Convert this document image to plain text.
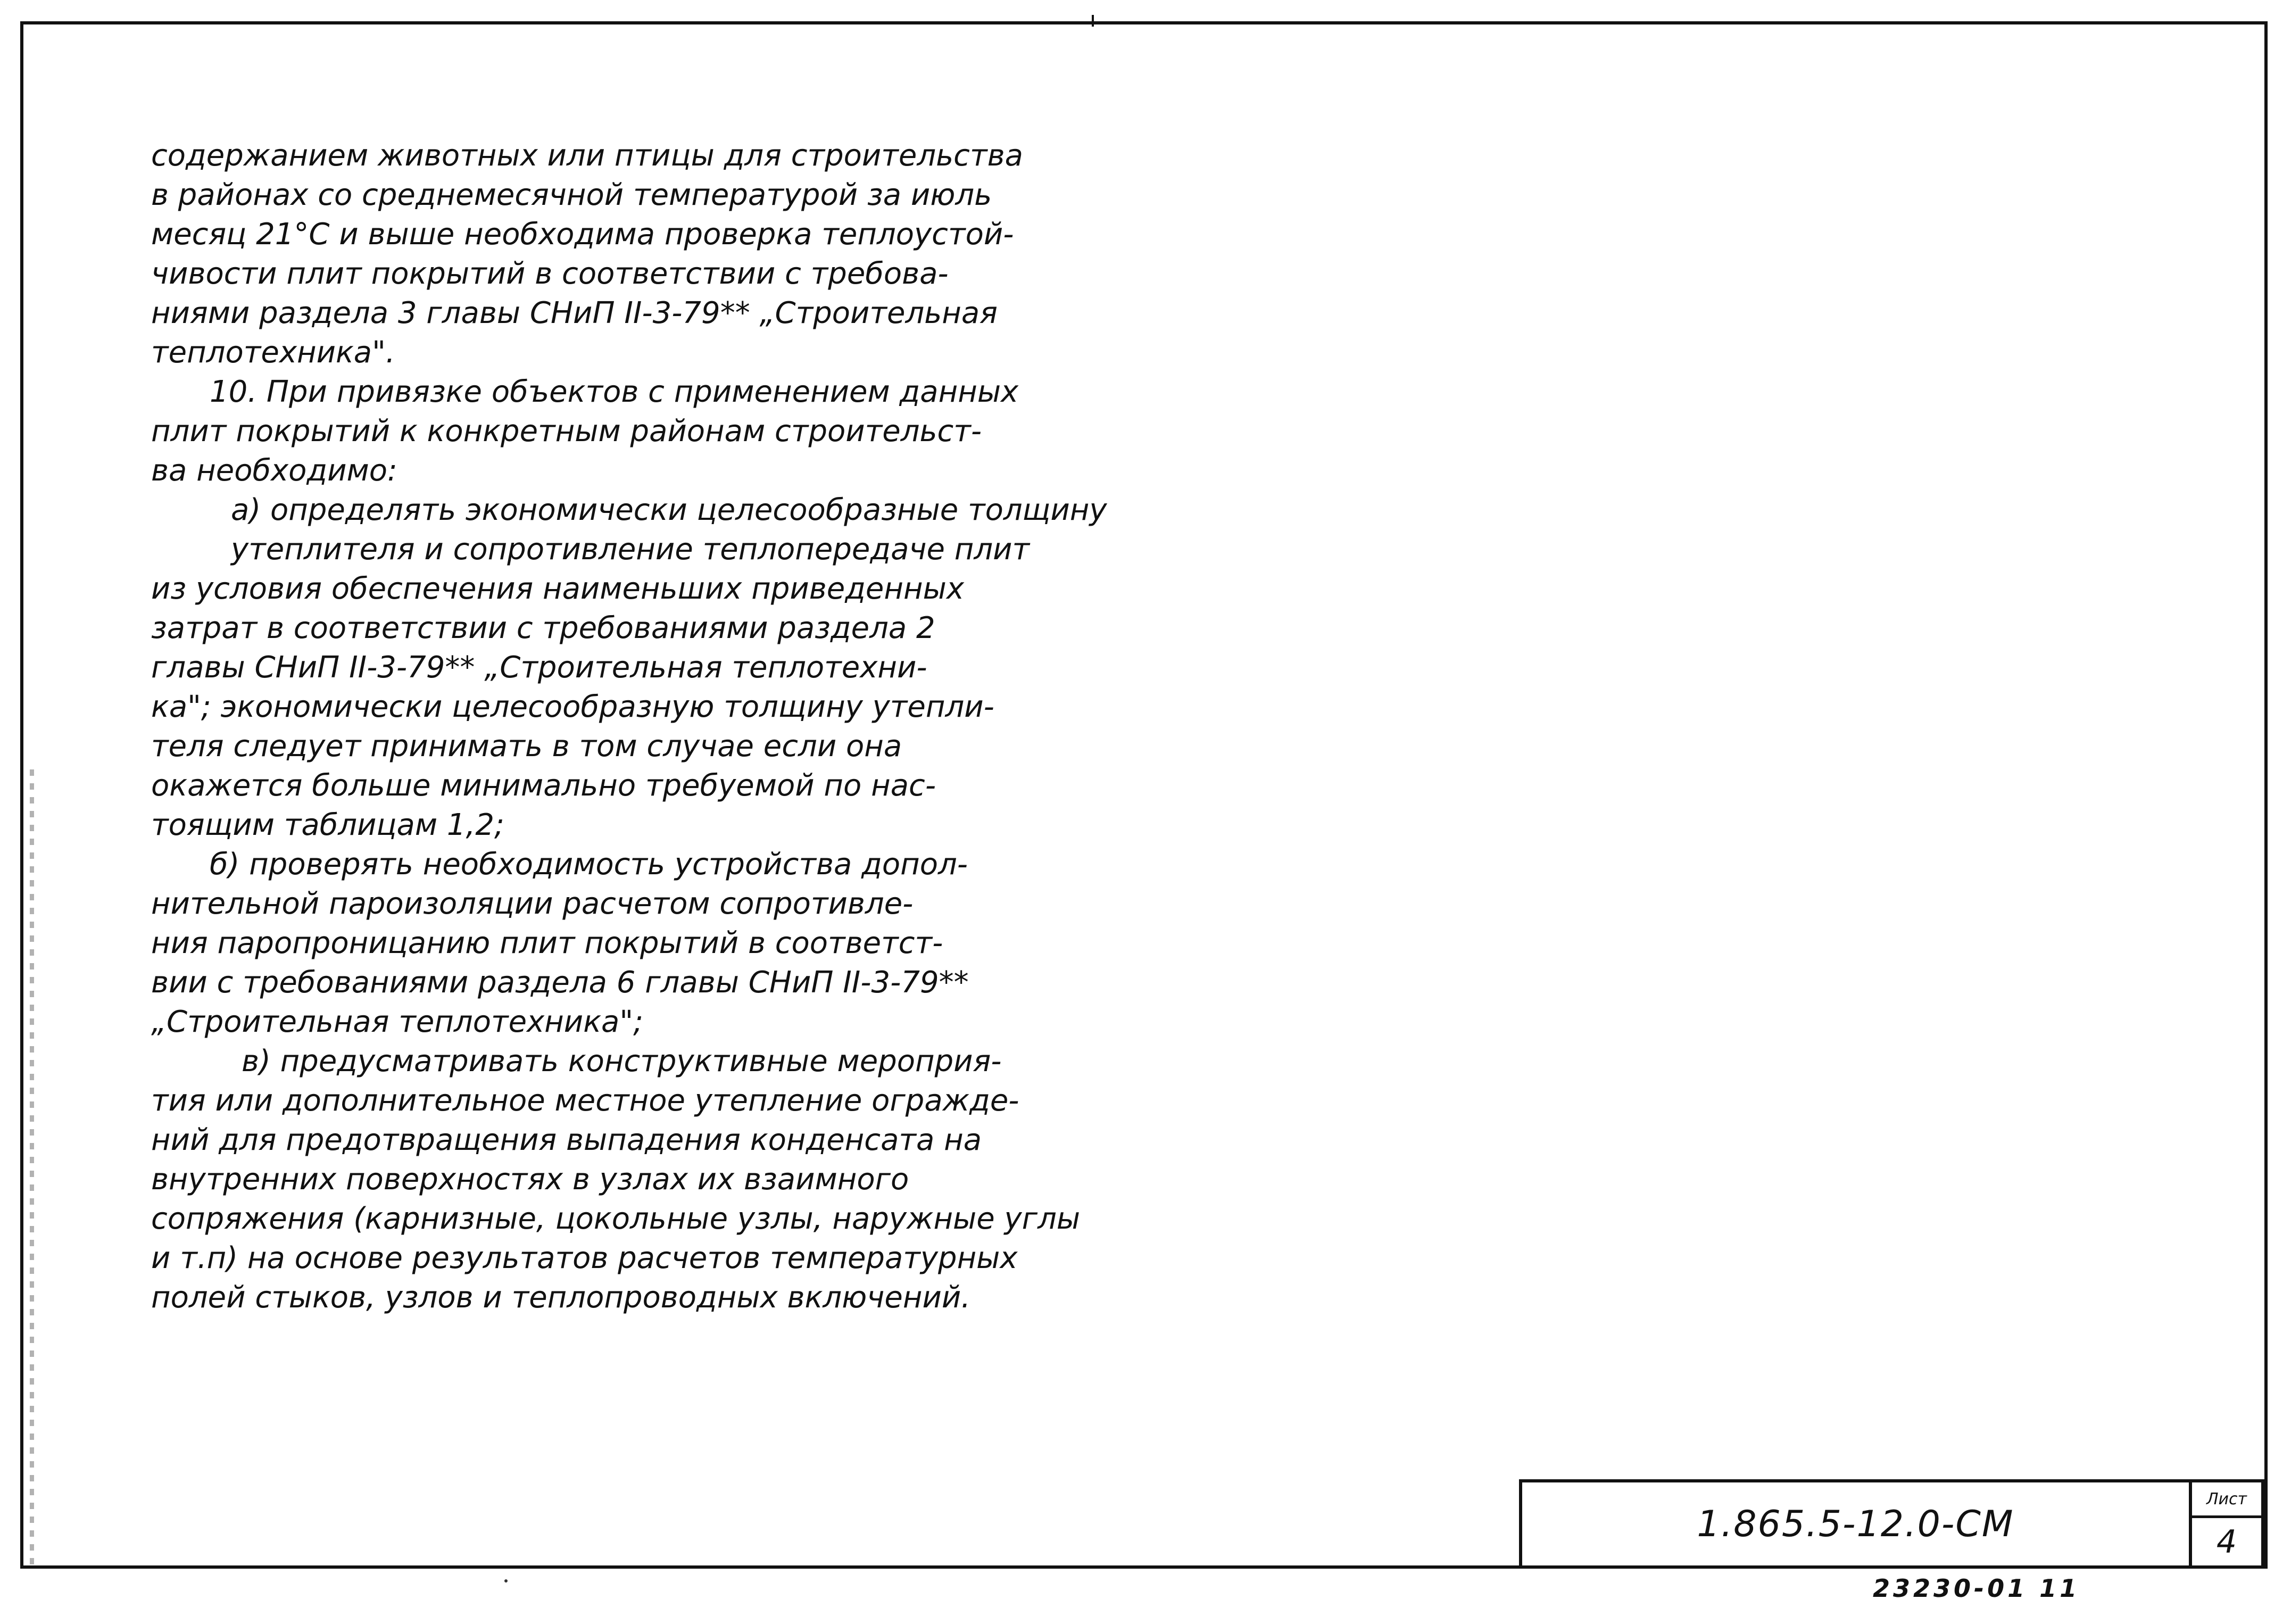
содержанием животных или птицы для строительства
в районах со среднемесячной температурой за июль
месяц 21°С и выше необходима проверка теплоустой-
чивости плит покрытий в соответствии с требова-
ниями раздела 3 главы СНиП II-3-79** „Строительная
теплотехника".
10. При привязке объектов с применением данных
плит покрытий к конкретным районам строительст-
ва необходимо:
а) определять экономически целесообразные толщину
утеплителя и сопротивление теплопередаче плит
из условия обеспечения наименьших приведенных
затрат в соответствии с требованиями раздела 2
главы СНиП II-3-79** „Строительная теплотехни-
ка"; экономически целесообразную толщину утепли-
теля следует принимать в том случае если она
окажется больше минимально требуемой по нас-
тоящим таблицам 1,2;
б) проверять необходимость устройства допол-
нительной пароизоляции расчетом сопротивле-
ния паропроницанию плит покрытий в соответст-
вии с требованиями раздела 6 главы СНиП II-3-79**
„Строительная теплотехника";
в) предусматривать конструктивные мероприя-
тия или дополнительное местное утепление огражде-
ний для предотвращения выпадения конденсата на
внутренних поверхностях в узлах их взаимного
сопряжения (карнизные, цокольные узлы, наружные углы
и т.п) на основе результатов расчетов температурных
полей стыков, узлов и теплопроводных включений.
1.865.5-12.0-СМ
Лист
4
23230-01 11
